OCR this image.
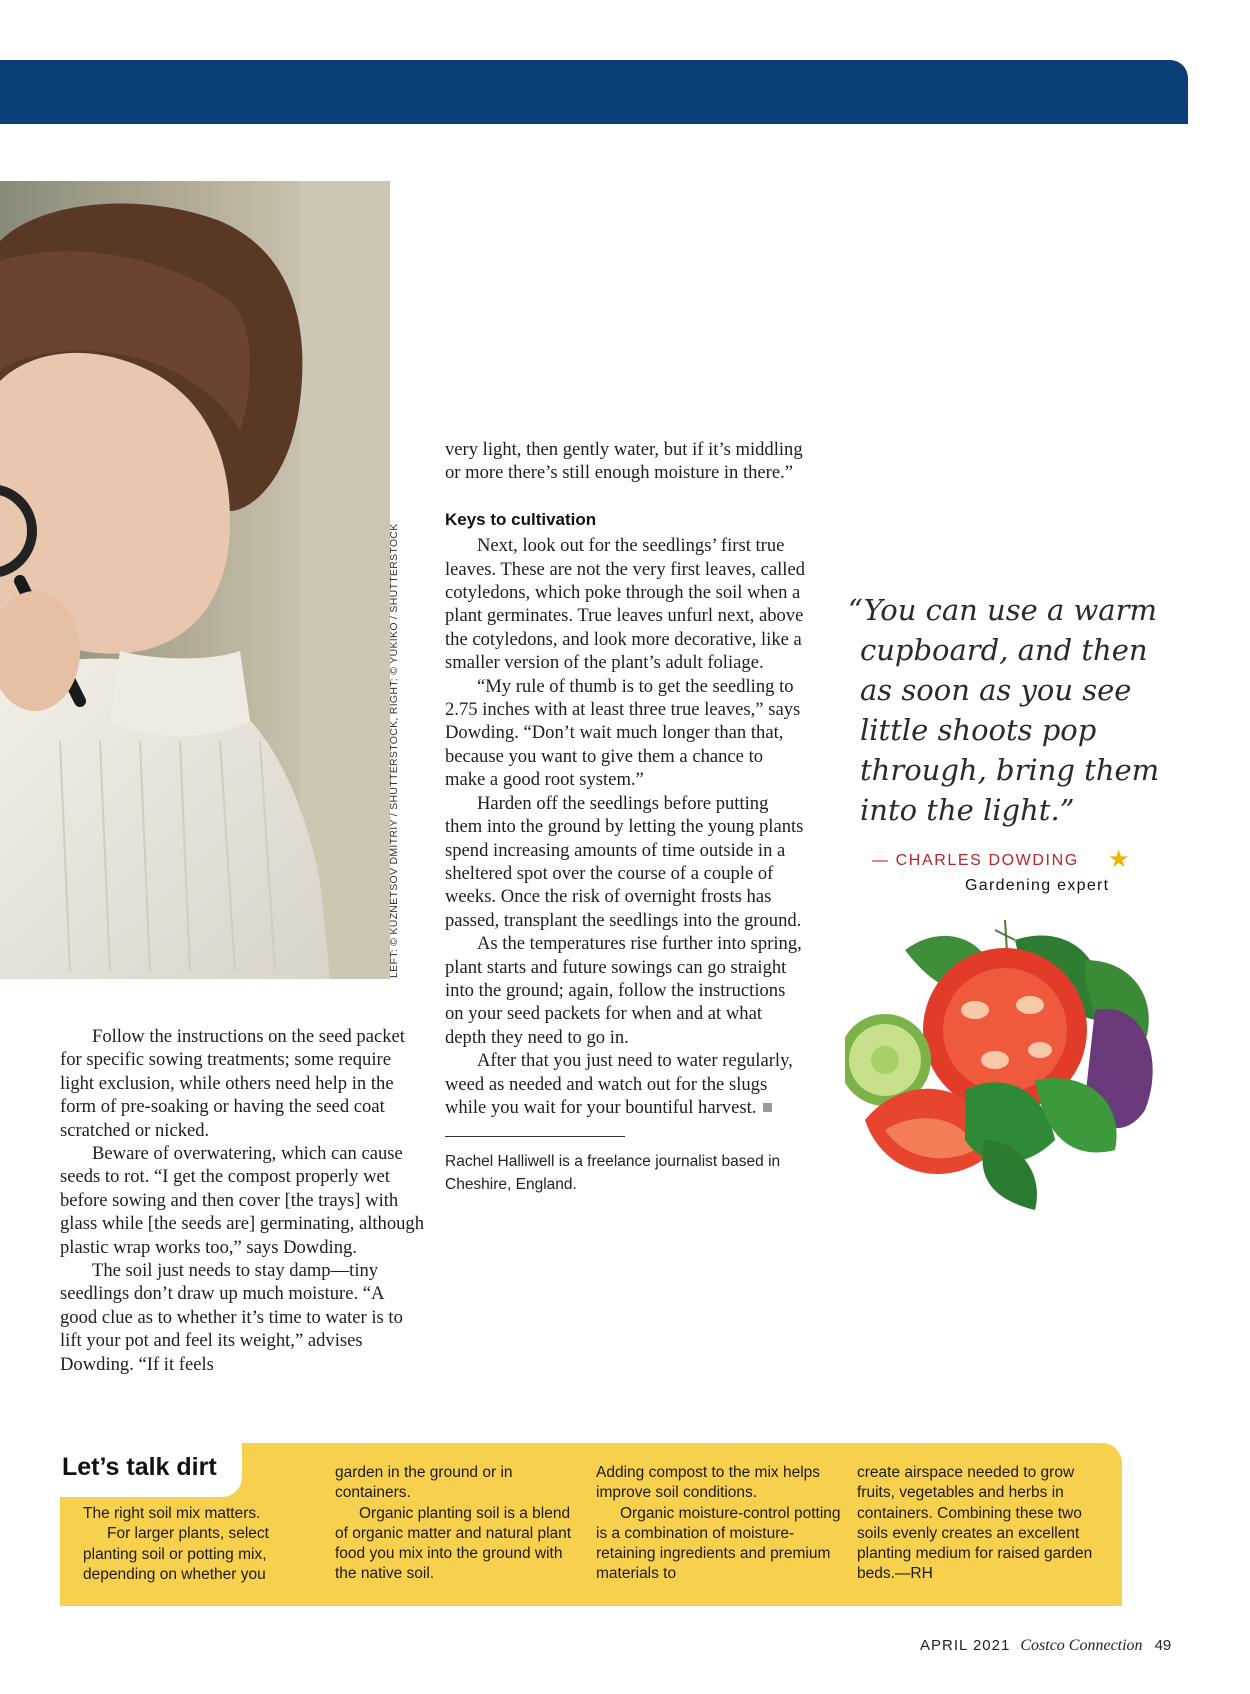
LEFT: © KUZNETSOV DMITRIY / SHUTTERSTOCK, RIGHT: © YUKIKO / SHUTTERSTOCK

Follow the instructions on the seed packet for specific sowing treatments; some require light exclusion, while others need help in the form of pre-soaking or having the seed coat scratched or nicked.

Beware of overwatering, which can cause seeds to rot. “I get the compost properly wet before sowing and then cover [the trays] with glass while [the seeds are] germinating, although plastic wrap works too,” says Dowding.

The soil just needs to stay damp—tiny seedlings don’t draw up much moisture. “A good clue as to whether it’s time to water is to lift your pot and feel its weight,” advises Dowding. “If it feels

very light, then gently water, but if it’s middling or more there’s still enough moisture in there.”

Keys to cultivation

Next, look out for the seedlings’ first true leaves. These are not the very first leaves, called cotyledons, which poke through the soil when a plant germinates. True leaves unfurl next, above the cotyledons, and look more decorative, like a smaller version of the plant’s adult foliage.

“My rule of thumb is to get the seedling to 2.75 inches with at least three true leaves,” says Dowding. “Don’t wait much longer than that, because you want to give them a chance to make a good root system.”

Harden off the seedlings before putting them into the ground by letting the young plants spend increasing amounts of time outside in a sheltered spot over the course of a couple of weeks. Once the risk of overnight frosts has passed, transplant the seedlings into the ground.

As the temperatures rise further into spring, plant starts and future sowings can go straight into the ground; again, follow the instructions on your seed packets for when and at what depth they need to go in.

After that you just need to water regularly, weed as needed and watch out for the slugs while you wait for your bountiful harvest.

Rachel Halliwell is a freelance journalist based in Cheshire, England.
“You can use a warm
cupboard, and then
as soon as you see
little shoots pop
through, bring them
into the light.”
— CHARLES DOWDING ★
Gardening expert
Let’s talk dirt

The right soil mix matters.

For larger plants, select planting soil or potting mix, depending on whether you

garden in the ground or in containers.

Organic planting soil is a blend of organic matter and natural plant food you mix into the ground with the native soil.

Adding compost to the mix helps improve soil conditions.

Organic moisture-control potting is a combination of moisture-retaining ingredients and premium materials to

create airspace needed to grow fruits, vegetables and herbs in containers. Combining these two soils evenly creates an excellent planting medium for raised garden beds.—RH

APRIL 2021 Costco Connection 49
